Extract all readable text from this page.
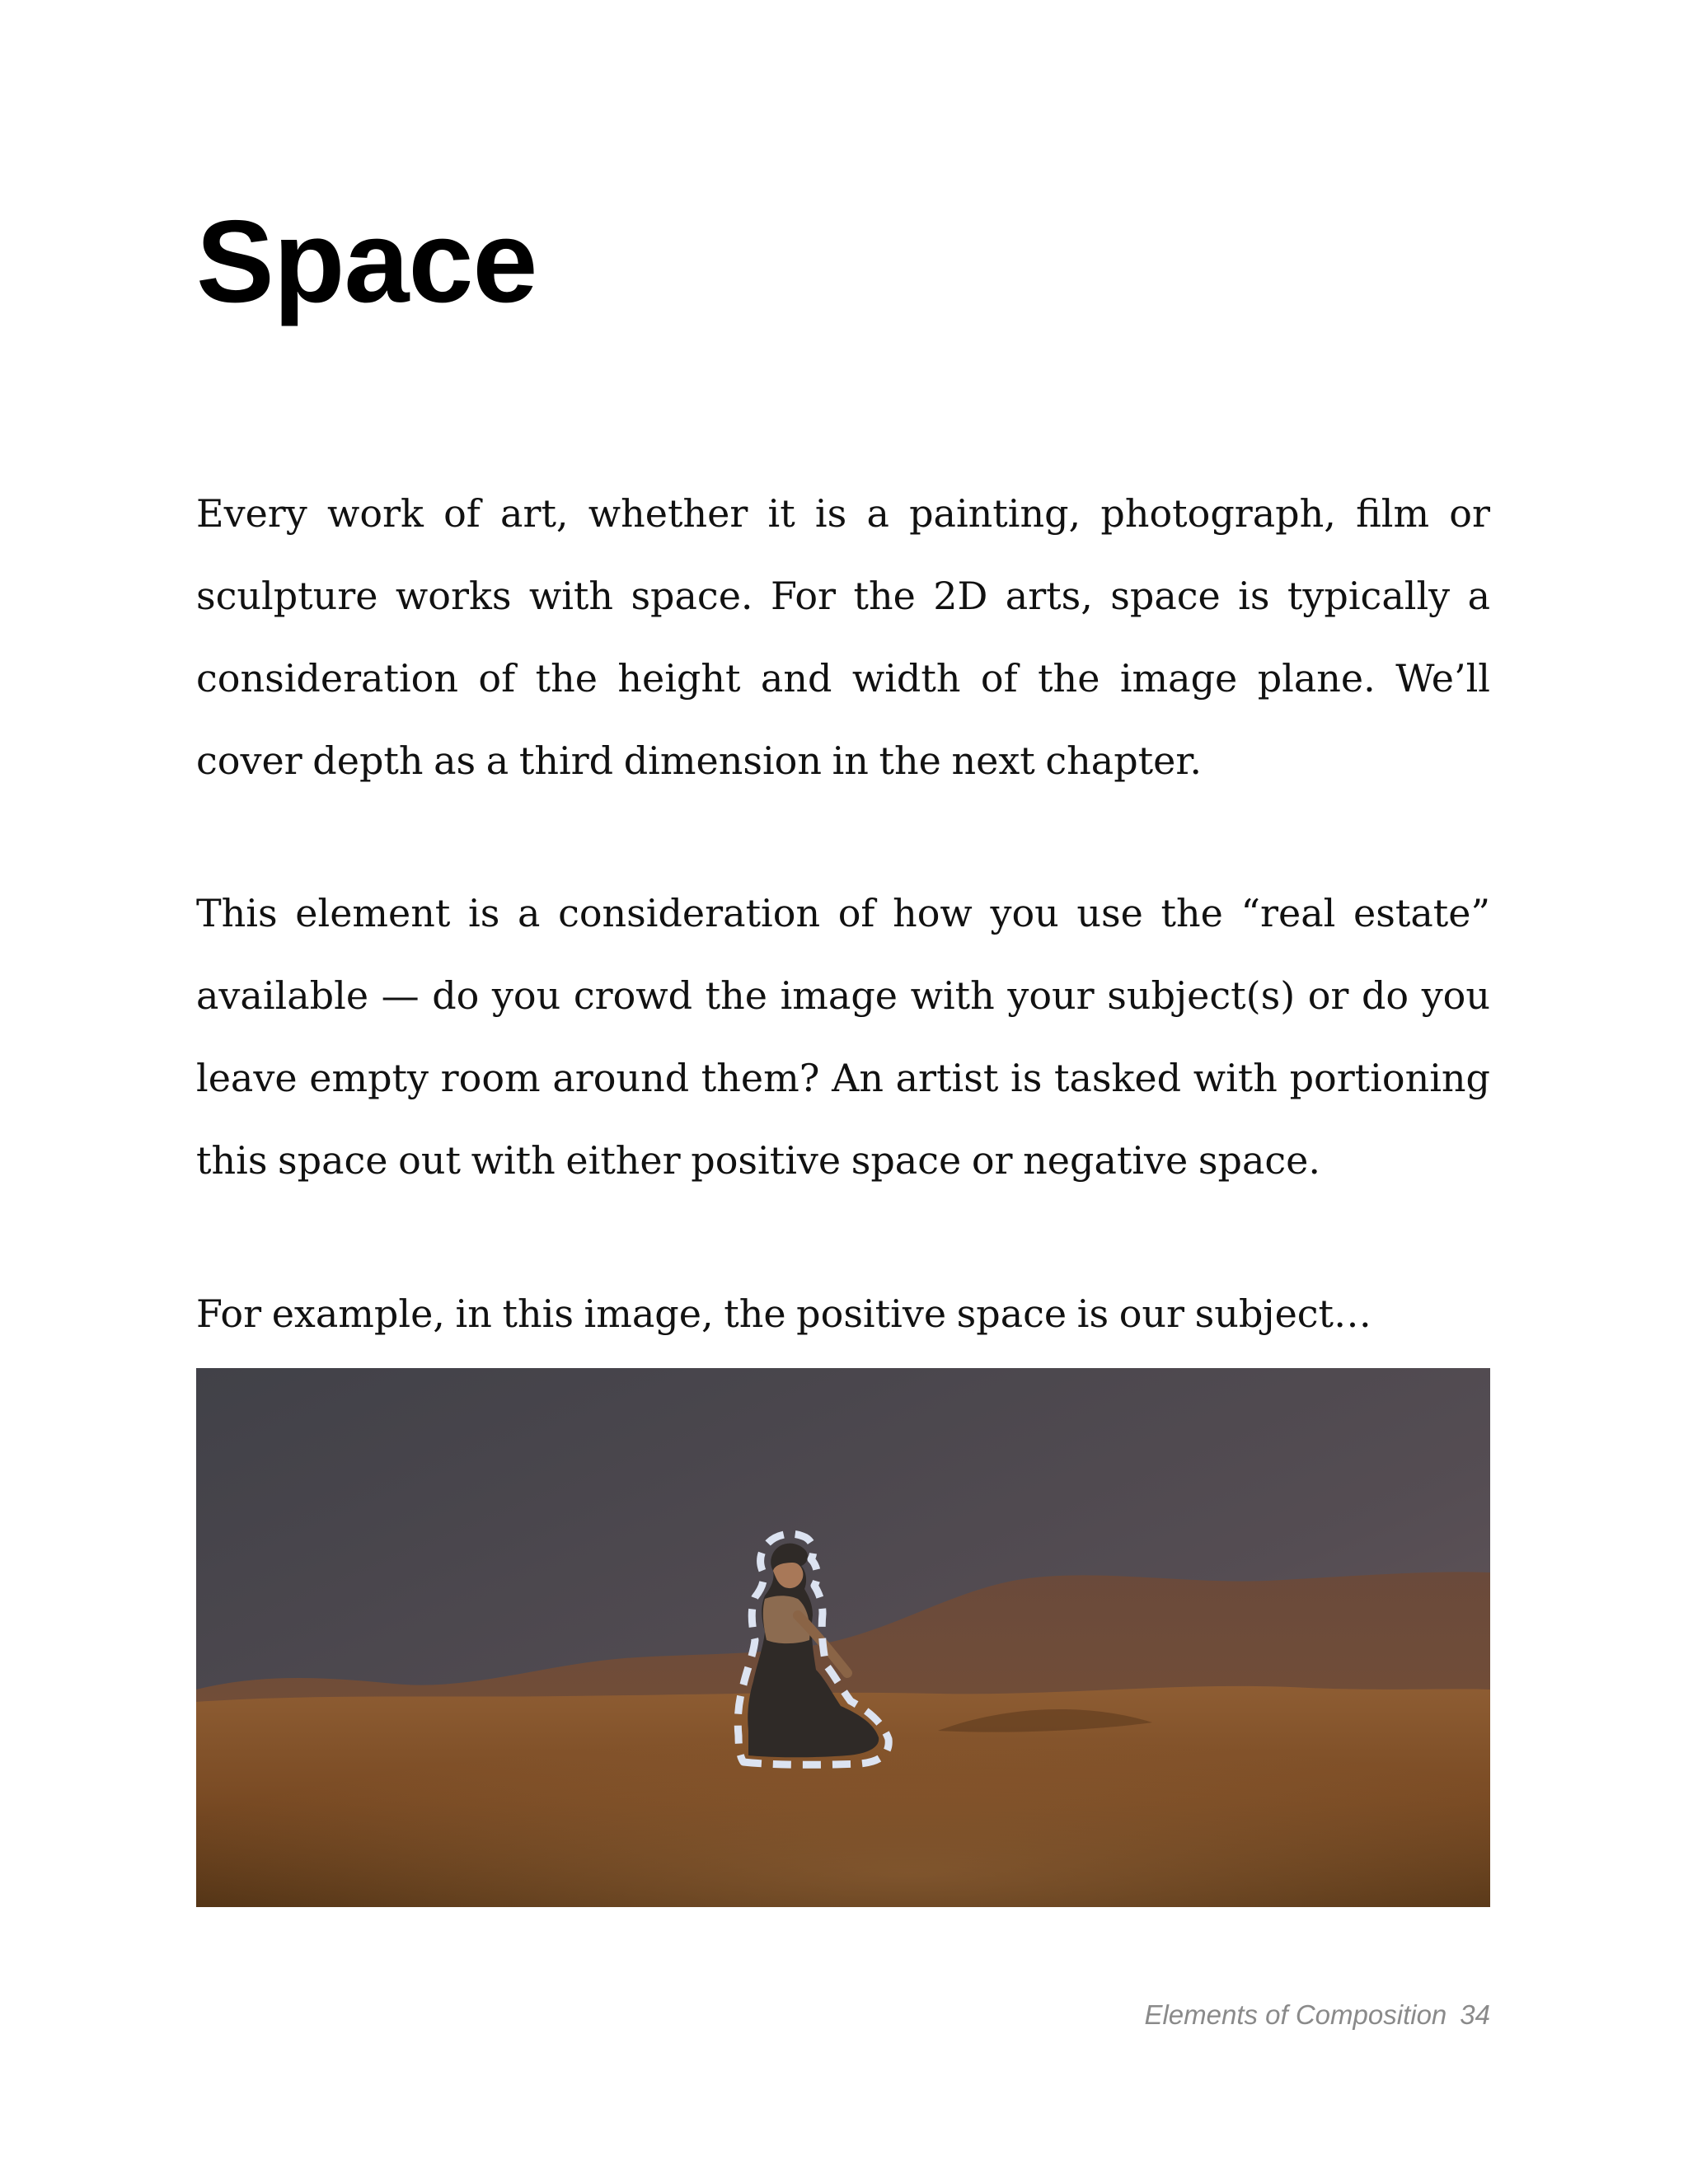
Space

Every work of art, whether it is a painting, photograph, film or sculpture works with space. For the 2D arts, space is typically a consideration of the height and width of the image plane. We’ll cover depth as a third dimension in the next chapter.

This element is a consideration of how you use the “real estate” available — do you crowd the image with your subject(s) or do you leave empty room around them? An artist is tasked with portioning this space out with either positive space or negative space.

For example, in this image, the positive space is our subject…

Elements of Composition 34
